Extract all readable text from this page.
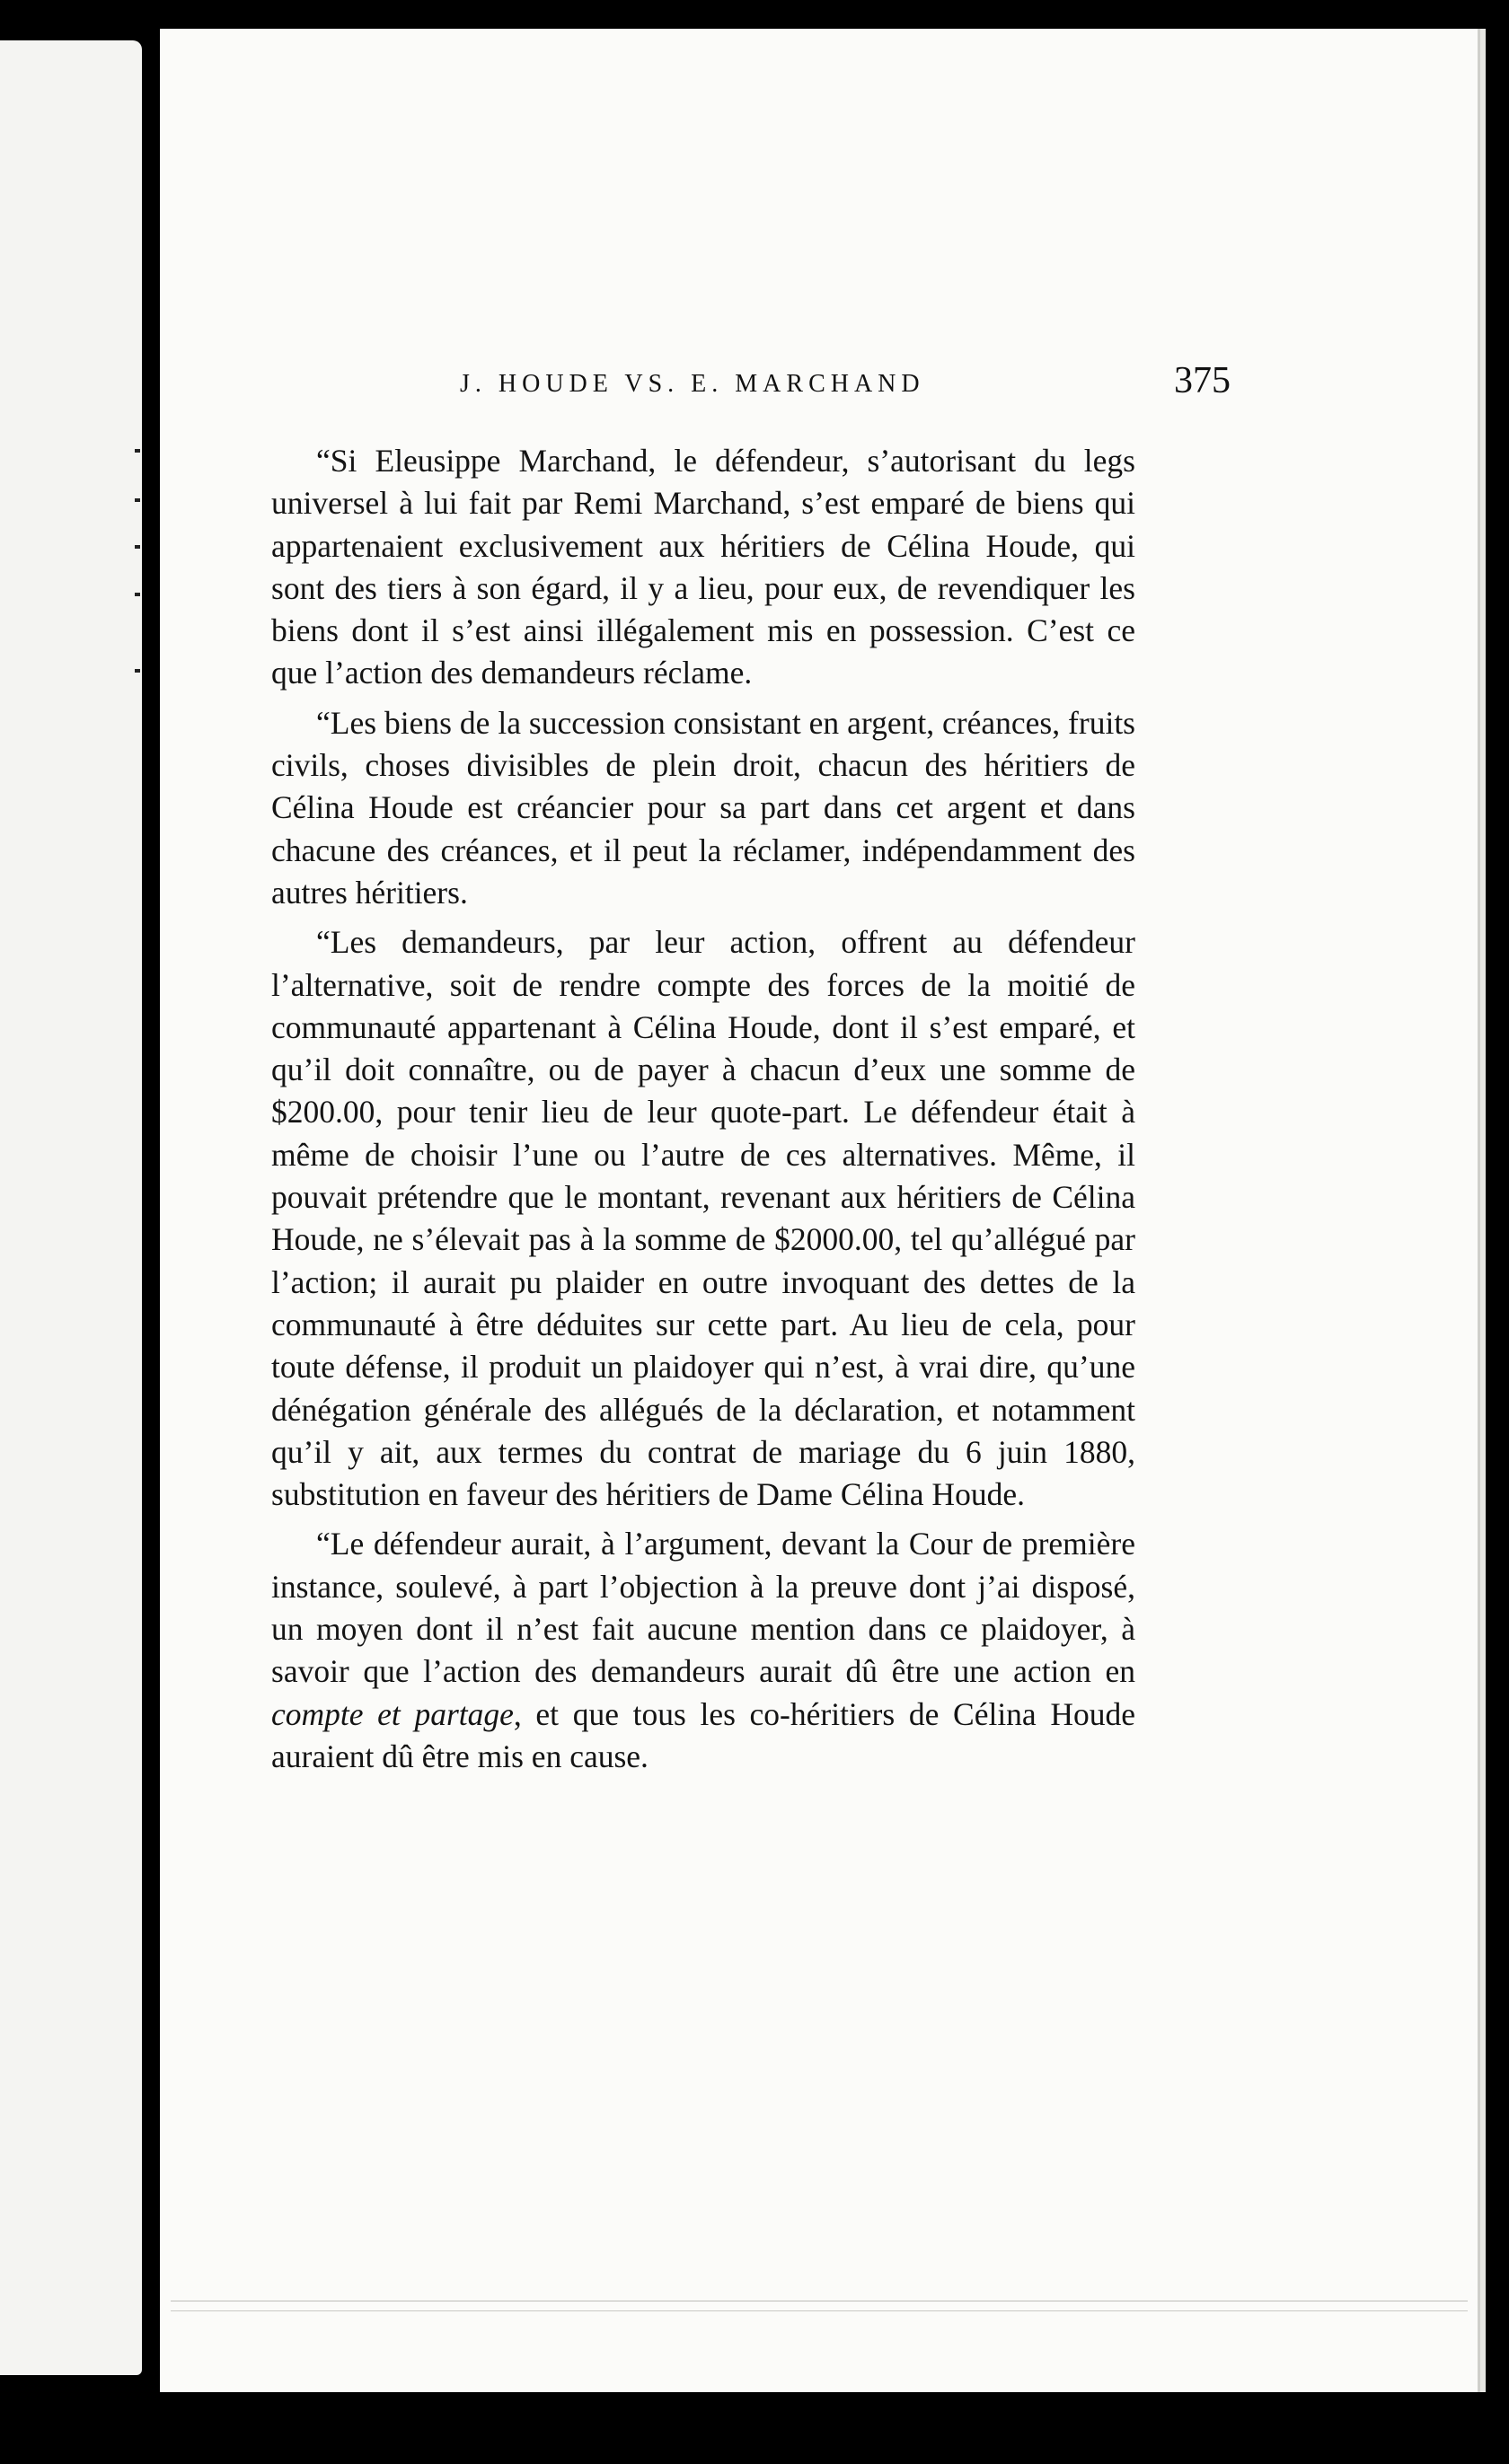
J. HOUDE VS. E. MARCHAND	375

“Si Eleusippe Marchand, le défendeur, s’autorisant du legs universel à lui fait par Remi Marchand, s’est emparé de biens qui appartenaient exclusivement aux héritiers de Célina Houde, qui sont des tiers à son égard, il y a lieu, pour eux, de revendiquer les biens dont il s’est ainsi illégalement mis en possession. C’est ce que l’action des demandeurs réclame.

“Les biens de la succession consistant en argent, créances, fruits civils, choses divisibles de plein droit, chacun des héritiers de Célina Houde est créancier pour sa part dans cet argent et dans chacune des créances, et il peut la réclamer, indépendamment des autres héritiers.

“Les demandeurs, par leur action, offrent au défendeur l’alternative, soit de rendre compte des forces de la moitié de communauté appartenant à Célina Houde, dont il s’est emparé, et qu’il doit connaître, ou de payer à chacun d’eux une somme de $200.00, pour tenir lieu de leur quote-part. Le défendeur était à même de choisir l’une ou l’autre de ces alternatives. Même, il pouvait prétendre que le montant, revenant aux héritiers de Célina Houde, ne s’élevait pas à la somme de $2000.00, tel qu’allégué par l’action; il aurait pu plaider en outre invoquant des dettes de la communauté à être déduites sur cette part. Au lieu de cela, pour toute défense, il produit un plaidoyer qui n’est, à vrai dire, qu’une dénégation générale des allégués de la déclaration, et notamment qu’il y ait, aux termes du contrat de mariage du 6 juin 1880, substitution en faveur des héritiers de Dame Célina Houde.

“Le défendeur aurait, à l’argument, devant la Cour de première instance, soulevé, à part l’objection à la preuve dont j’ai disposé, un moyen dont il n’est fait aucune mention dans ce plaidoyer, à savoir que l’action des demandeurs aurait dû être une action en compte et partage, et que tous les co-héritiers de Célina Houde auraient dû être mis en cause.
